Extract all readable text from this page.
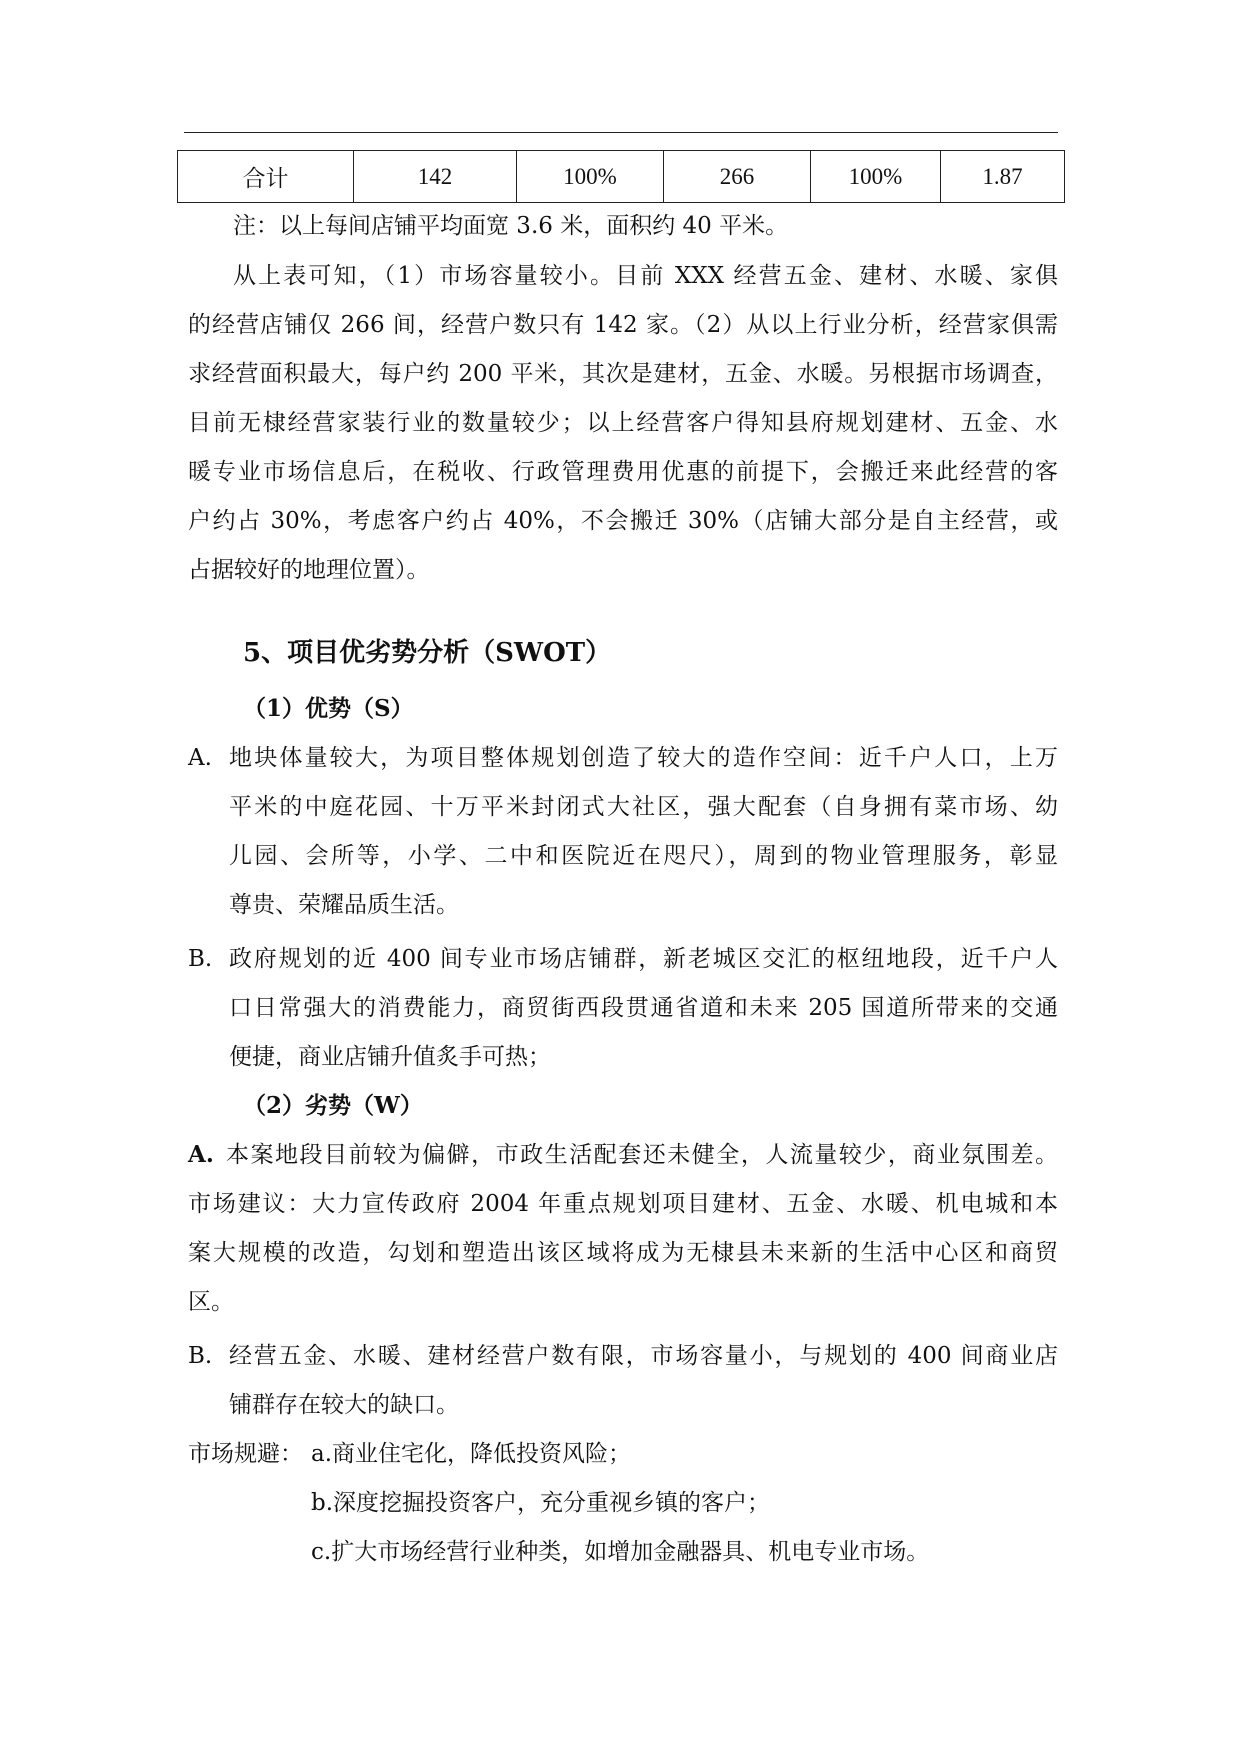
合计	142	100%	266	100%	1.87
注：以上每间店铺平均面宽 3.6 米，面积约 40 平米。
从上表可知，（1）市场容量较小。目前 XXX 经营五金、建材、水暖、家俱
的经营店铺仅 266 间，经营户数只有 142 家。（2）从以上行业分析，经营家俱需
求经营面积最大，每户约 200 平米，其次是建材，五金、水暖。另根据市场调查，
目前无棣经营家装行业的数量较少；以上经营客户得知县府规划建材、五金、水
暖专业市场信息后，在税收、行政管理费用优惠的前提下，会搬迁来此经营的客
户约占 30%，考虑客户约占 40%，不会搬迁 30%（店铺大部分是自主经营，或
占据较好的地理位置）。
5、项目优劣势分析（SWOT）
（1）优势（S）
A. 地块体量较大，为项目整体规划创造了较大的造作空间：近千户人口，上万
平米的中庭花园、十万平米封闭式大社区，强大配套（自身拥有菜市场、幼
儿园、会所等，小学、二中和医院近在咫尺），周到的物业管理服务，彰显
尊贵、荣耀品质生活。
B. 政府规划的近 400 间专业市场店铺群，新老城区交汇的枢纽地段，近千户人
口日常强大的消费能力，商贸街西段贯通省道和未来 205 国道所带来的交通
便捷，商业店铺升值炙手可热；
（2）劣势（W）
A. 本案地段目前较为偏僻，市政生活配套还未健全，人流量较少，商业氛围差。
市场建议：大力宣传政府 2004 年重点规划项目建材、五金、水暖、机电城和本
案大规模的改造，勾划和塑造出该区域将成为无棣县未来新的生活中心区和商贸
区。
B. 经营五金、水暖、建材经营户数有限，市场容量小，与规划的 400 间商业店
铺群存在较大的缺口。
市场规避： a.商业住宅化，降低投资风险；
b.深度挖掘投资客户，充分重视乡镇的客户；
c.扩大市场经营行业种类，如增加金融器具、机电专业市场。
